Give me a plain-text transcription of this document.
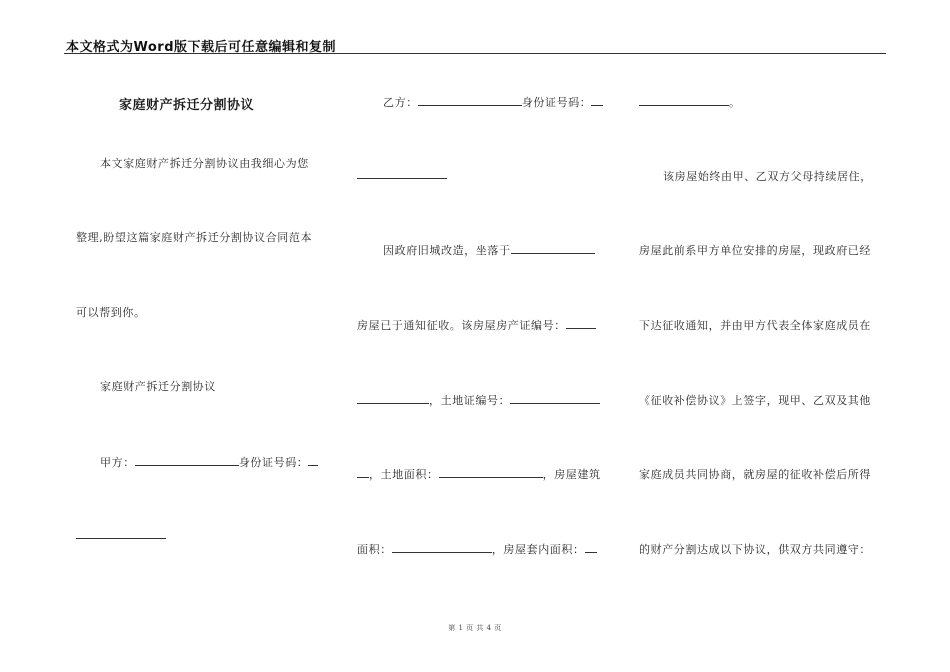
本文格式为Word版下载后可任意编辑和复制
家庭财产拆迁分割协议
本文家庭财产拆迁分割协议由我细心为您
整理,盼望这篇家庭财产拆迁分割协议合同范本
可以帮到你。
家庭财产拆迁分割协议
甲方：	身份证号码：
乙方：	身份证号码：
因政府旧城改造，坐落于
房屋已于通知征收。该房屋房产证编号：
，土地证编号：
，土地面积：	，房屋建筑
面积：	，房屋套内面积：
。
该房屋始终由甲、乙双方父母持续居住，
房屋此前系甲方单位安排的房屋，现政府已经
下达征收通知，并由甲方代表全体家庭成员在
《征收补偿协议》上签字，现甲、乙双及其他
家庭成员共同协商，就房屋的征收补偿后所得
的财产分割达成以下协议，供双方共同遵守：
第 1 页 共 4 页
